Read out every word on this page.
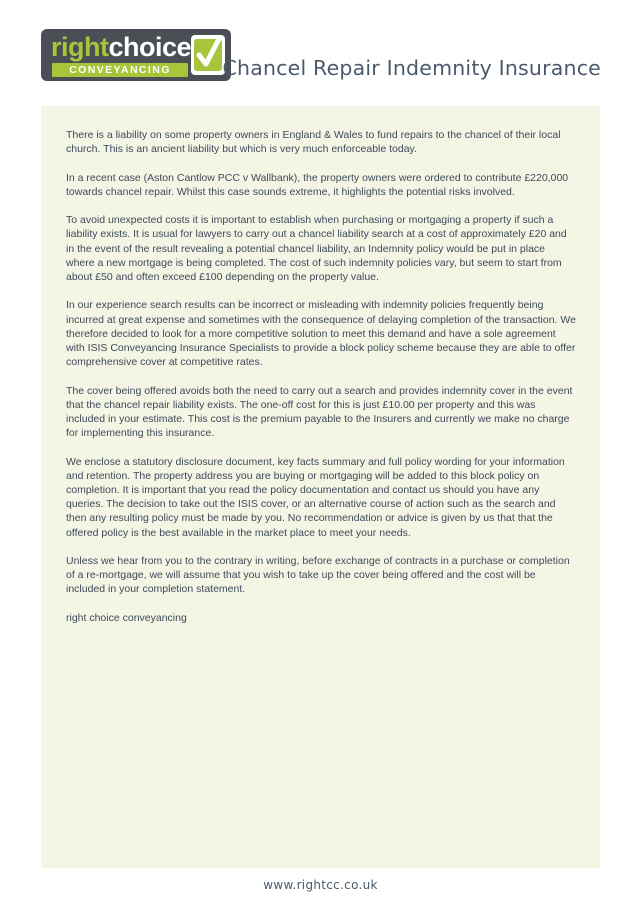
rightchoice
CONVEYANCING	Chancel Repair Indemnity Insurance

There is a liability on some property owners in England & Wales to fund repairs to the chancel of their local church. This is an ancient liability but which is very much enforceable today.

In a recent case (Aston Cantlow PCC v Wallbank), the property owners were ordered to contribute £220,000 towards chancel repair. Whilst this case sounds extreme, it highlights the potential risks involved.

To avoid unexpected costs it is important to establish when purchasing or mortgaging a property if such a liability exists. It is usual for lawyers to carry out a chancel liability search at a cost of approximately £20 and in the event of the result revealing a potential chancel liability, an Indemnity policy would be put in place where a new mortgage is being completed. The cost of such indemnity policies vary, but seem to start from about £50 and often exceed £100 depending on the property value.

In our experience search results can be incorrect or misleading with indemnity policies frequently being incurred at great expense and sometimes with the consequence of delaying completion of the transaction. We therefore decided to look for a more competitive solution to meet this demand and have a sole agreement with ISIS Conveyancing Insurance Specialists to provide a block policy scheme because they are able to offer comprehensive cover at competitive rates.

The cover being offered avoids both the need to carry out a search and provides indemnity cover in the event that the chancel repair liability exists. The one-off cost for this is just £10.00 per property and this was included in your estimate. This cost is the premium payable to the Insurers and currently we make no charge for implementing this insurance.

We enclose a statutory disclosure document, key facts summary and full policy wording for your information and retention. The property address you are buying or mortgaging will be added to this block policy on completion. It is important that you read the policy documentation and contact us should you have any queries. The decision to take out the ISIS cover, or an alternative course of action such as the search and then any resulting policy must be made by you. No recommendation or advice is given by us that that the offered policy is the best available in the market place to meet your needs.

Unless we hear from you to the contrary in writing, before exchange of contracts in a purchase or completion of a re-mortgage, we will assume that you wish to take up the cover being offered and the cost will be included in your completion statement.

right choice conveyancing

www.rightcc.co.uk
